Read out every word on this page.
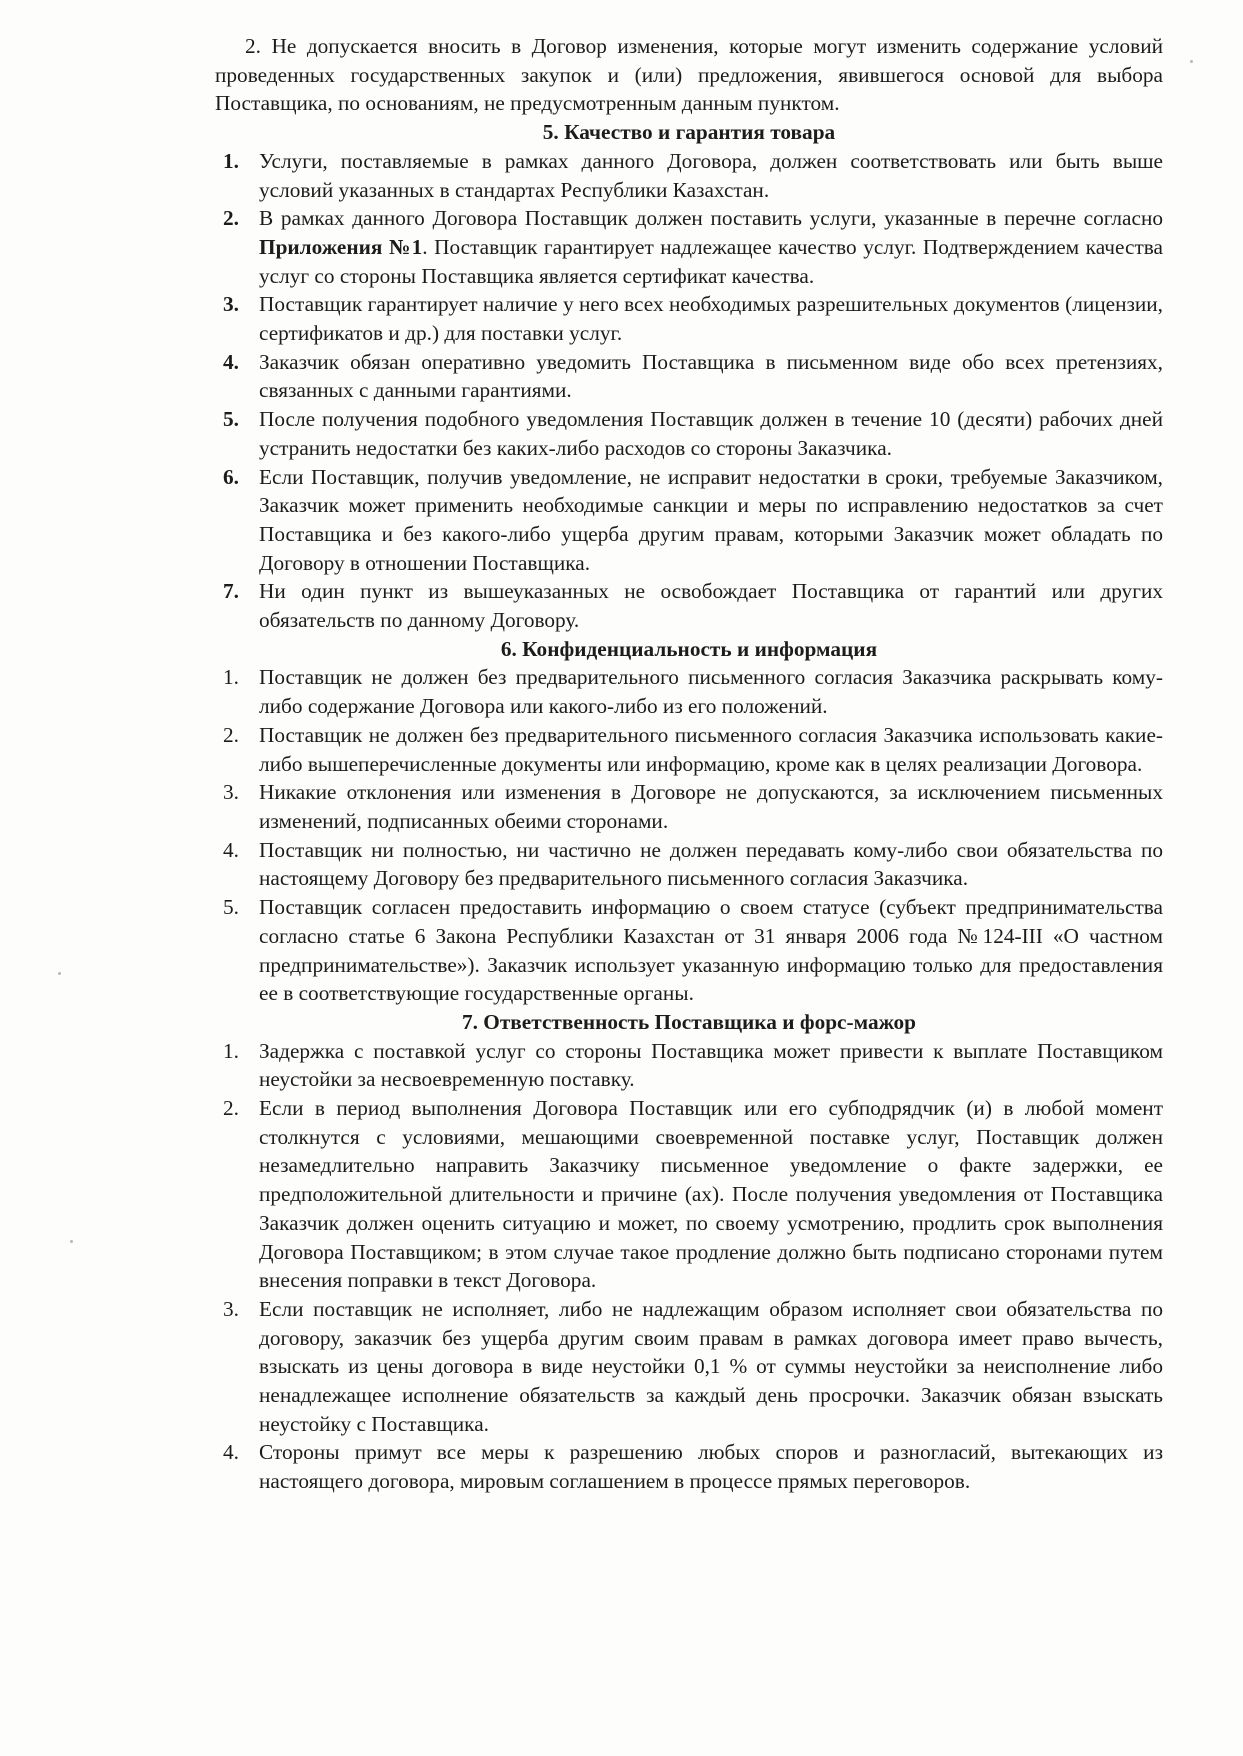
2. Не допускается вносить в Договор изменения, которые могут изменить содержание условий проведенных государственных закупок и (или) предложения, явившегося основой для выбора Поставщика, по основаниям, не предусмотренным данным пунктом.

5. Качество и гарантия товара
1. Услуги, поставляемые в рамках данного Договора, должен соответствовать или быть выше условий указанных в стандартах Республики Казахстан.
2. В рамках данного Договора Поставщик должен поставить услуги, указанные в перечне согласно Приложения №1. Поставщик гарантирует надлежащее качество услуг. Подтверждением качества услуг со стороны Поставщика является сертификат качества.
3. Поставщик гарантирует наличие у него всех необходимых разрешительных документов (лицензии, сертификатов и др.) для поставки услуг.
4. Заказчик обязан оперативно уведомить Поставщика в письменном виде обо всех претензиях, связанных с данными гарантиями.
5. После получения подобного уведомления Поставщик должен в течение 10 (десяти) рабочих дней устранить недостатки без каких-либо расходов со стороны Заказчика.
6. Если Поставщик, получив уведомление, не исправит недостатки в сроки, требуемые Заказчиком, Заказчик может применить необходимые санкции и меры по исправлению недостатков за счет Поставщика и без какого-либо ущерба другим правам, которыми Заказчик может обладать по Договору в отношении Поставщика.
7. Ни один пункт из вышеуказанных не освобождает Поставщика от гарантий или других обязательств по данному Договору.
6. Конфиденциальность и информация
1. Поставщик не должен без предварительного письменного согласия Заказчика раскрывать кому-либо содержание Договора или какого-либо из его положений.
2. Поставщик не должен без предварительного письменного согласия Заказчика использовать какие-либо вышеперечисленные документы или информацию, кроме как в целях реализации Договора.
3. Никакие отклонения или изменения в Договоре не допускаются, за исключением письменных изменений, подписанных обеими сторонами.
4. Поставщик ни полностью, ни частично не должен передавать кому-либо свои обязательства по настоящему Договору без предварительного письменного согласия Заказчика.
5. Поставщик согласен предоставить информацию о своем статусе (субъект предпринимательства согласно статье 6 Закона Республики Казахстан от 31 января 2006 года №124-III «О частном предпринимательстве»). Заказчик использует указанную информацию только для предоставления ее в соответствующие государственные органы.
7. Ответственность Поставщика и форс-мажор
1. Задержка с поставкой услуг со стороны Поставщика может привести к выплате Поставщиком неустойки за несвоевременную поставку.
2. Если в период выполнения Договора Поставщик или его субподрядчик (и) в любой момент столкнутся с условиями, мешающими своевременной поставке услуг, Поставщик должен незамедлительно направить Заказчику письменное уведомление о факте задержки, ее предположительной длительности и причине (ах). После получения уведомления от Поставщика Заказчик должен оценить ситуацию и может, по своему усмотрению, продлить срок выполнения Договора Поставщиком; в этом случае такое продление должно быть подписано сторонами путем внесения поправки в текст Договора.
3. Если поставщик не исполняет, либо не надлежащим образом исполняет свои обязательства по договору, заказчик без ущерба другим своим правам в рамках договора имеет право вычесть, взыскать из цены договора в виде неустойки 0,1 % от суммы неустойки за неисполнение либо ненадлежащее исполнение обязательств за каждый день просрочки. Заказчик обязан взыскать неустойку с Поставщика.
4. Стороны примут все меры к разрешению любых споров и разногласий, вытекающих из настоящего договора, мировым соглашением в процессе прямых переговоров.
